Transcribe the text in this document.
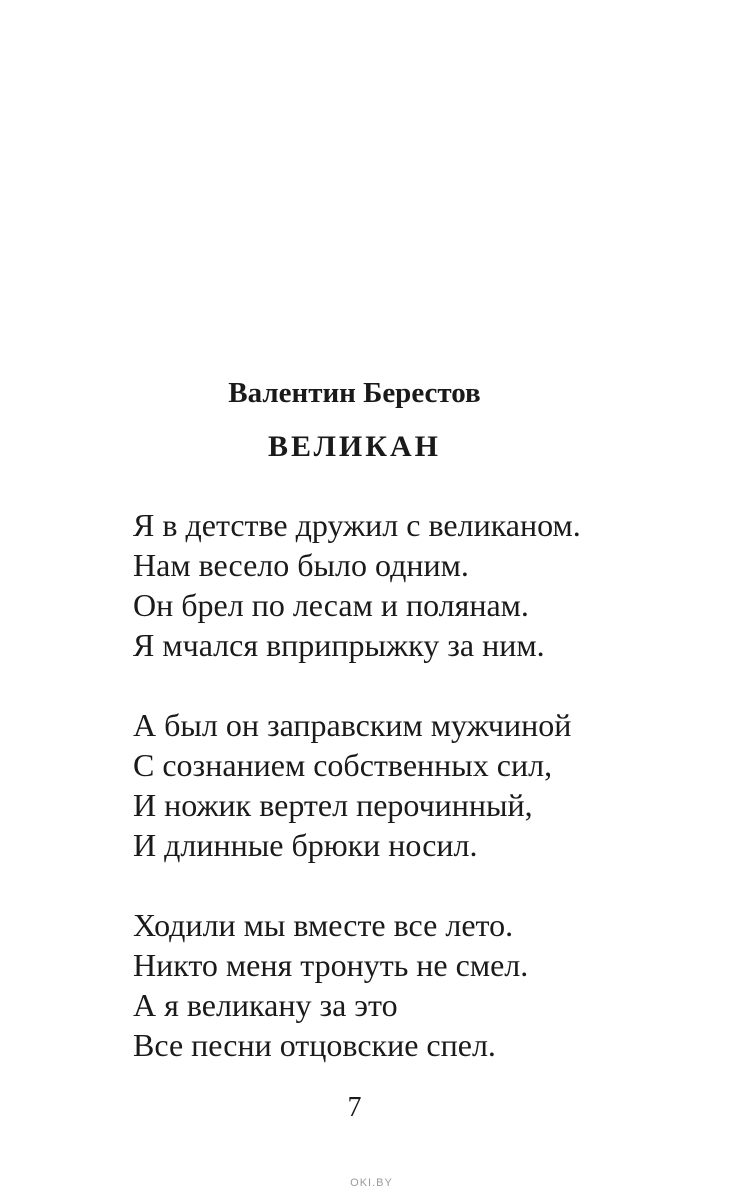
Валентин Берестов
ВЕЛИКАН

Я в детстве дружил с великаном.
Нам весело было одним.
Он брел по лесам и полянам.
Я мчался вприпрыжку за ним.

А был он заправским мужчиной
С сознанием собственных сил,
И ножик вертел перочинный,
И длинные брюки носил.

Ходили мы вместе все лето.
Никто меня тронуть не смел.
А я великану за это
Все песни отцовские спел.

7
OKI.BY
